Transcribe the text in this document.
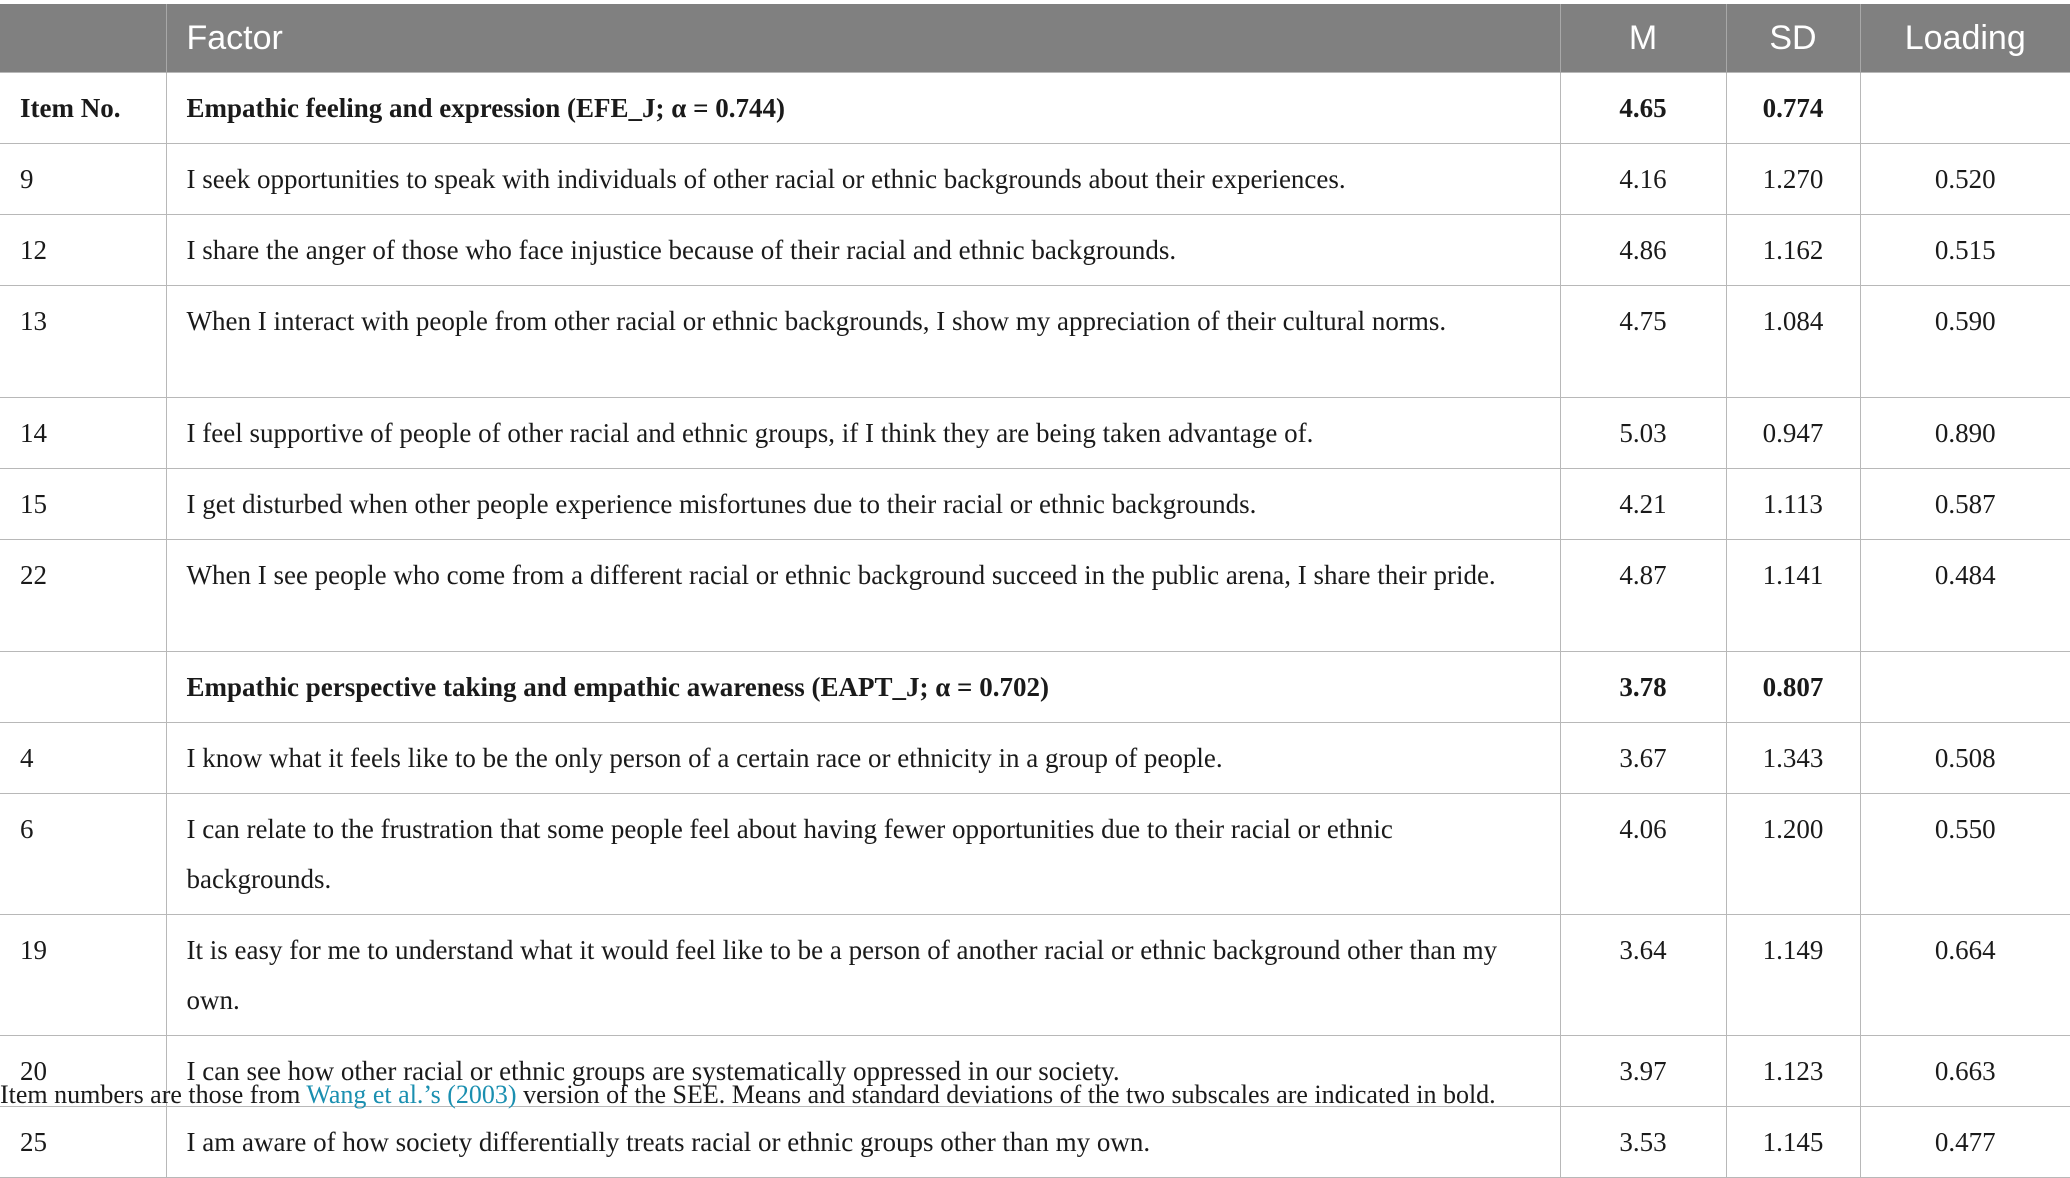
	Factor	M	SD	Loading
Item No.	Empathic feeling and expression (EFE_J; α = 0.744)	4.65	0.774	
9	I seek opportunities to speak with individuals of other racial or ethnic backgrounds about their experiences.	4.16	1.270	0.520
12	I share the anger of those who face injustice because of their racial and ethnic backgrounds.	4.86	1.162	0.515
13	When I interact with people from other racial or ethnic backgrounds, I show my appreciation of their cultural norms.	4.75	1.084	0.590
14	I feel supportive of people of other racial and ethnic groups, if I think they are being taken advantage of.	5.03	0.947	0.890
15	I get disturbed when other people experience misfortunes due to their racial or ethnic backgrounds.	4.21	1.113	0.587
22	When I see people who come from a different racial or ethnic background succeed in the public arena, I share their pride.	4.87	1.141	0.484
	Empathic perspective taking and empathic awareness (EAPT_J; α = 0.702)	3.78	0.807	
4	I know what it feels like to be the only person of a certain race or ethnicity in a group of people.	3.67	1.343	0.508
6	I can relate to the frustration that some people feel about having fewer opportunities due to their racial or ethnic backgrounds.	4.06	1.200	0.550
19	It is easy for me to understand what it would feel like to be a person of another racial or ethnic background other than my own.	3.64	1.149	0.664
20	I can see how other racial or ethnic groups are systematically oppressed in our society.	3.97	1.123	0.663
25	I am aware of how society differentially treats racial or ethnic groups other than my own.	3.53	1.145	0.477
Item numbers are those from Wang et al.’s (2003) version of the SEE. Means and standard deviations of the two subscales are indicated in bold.
